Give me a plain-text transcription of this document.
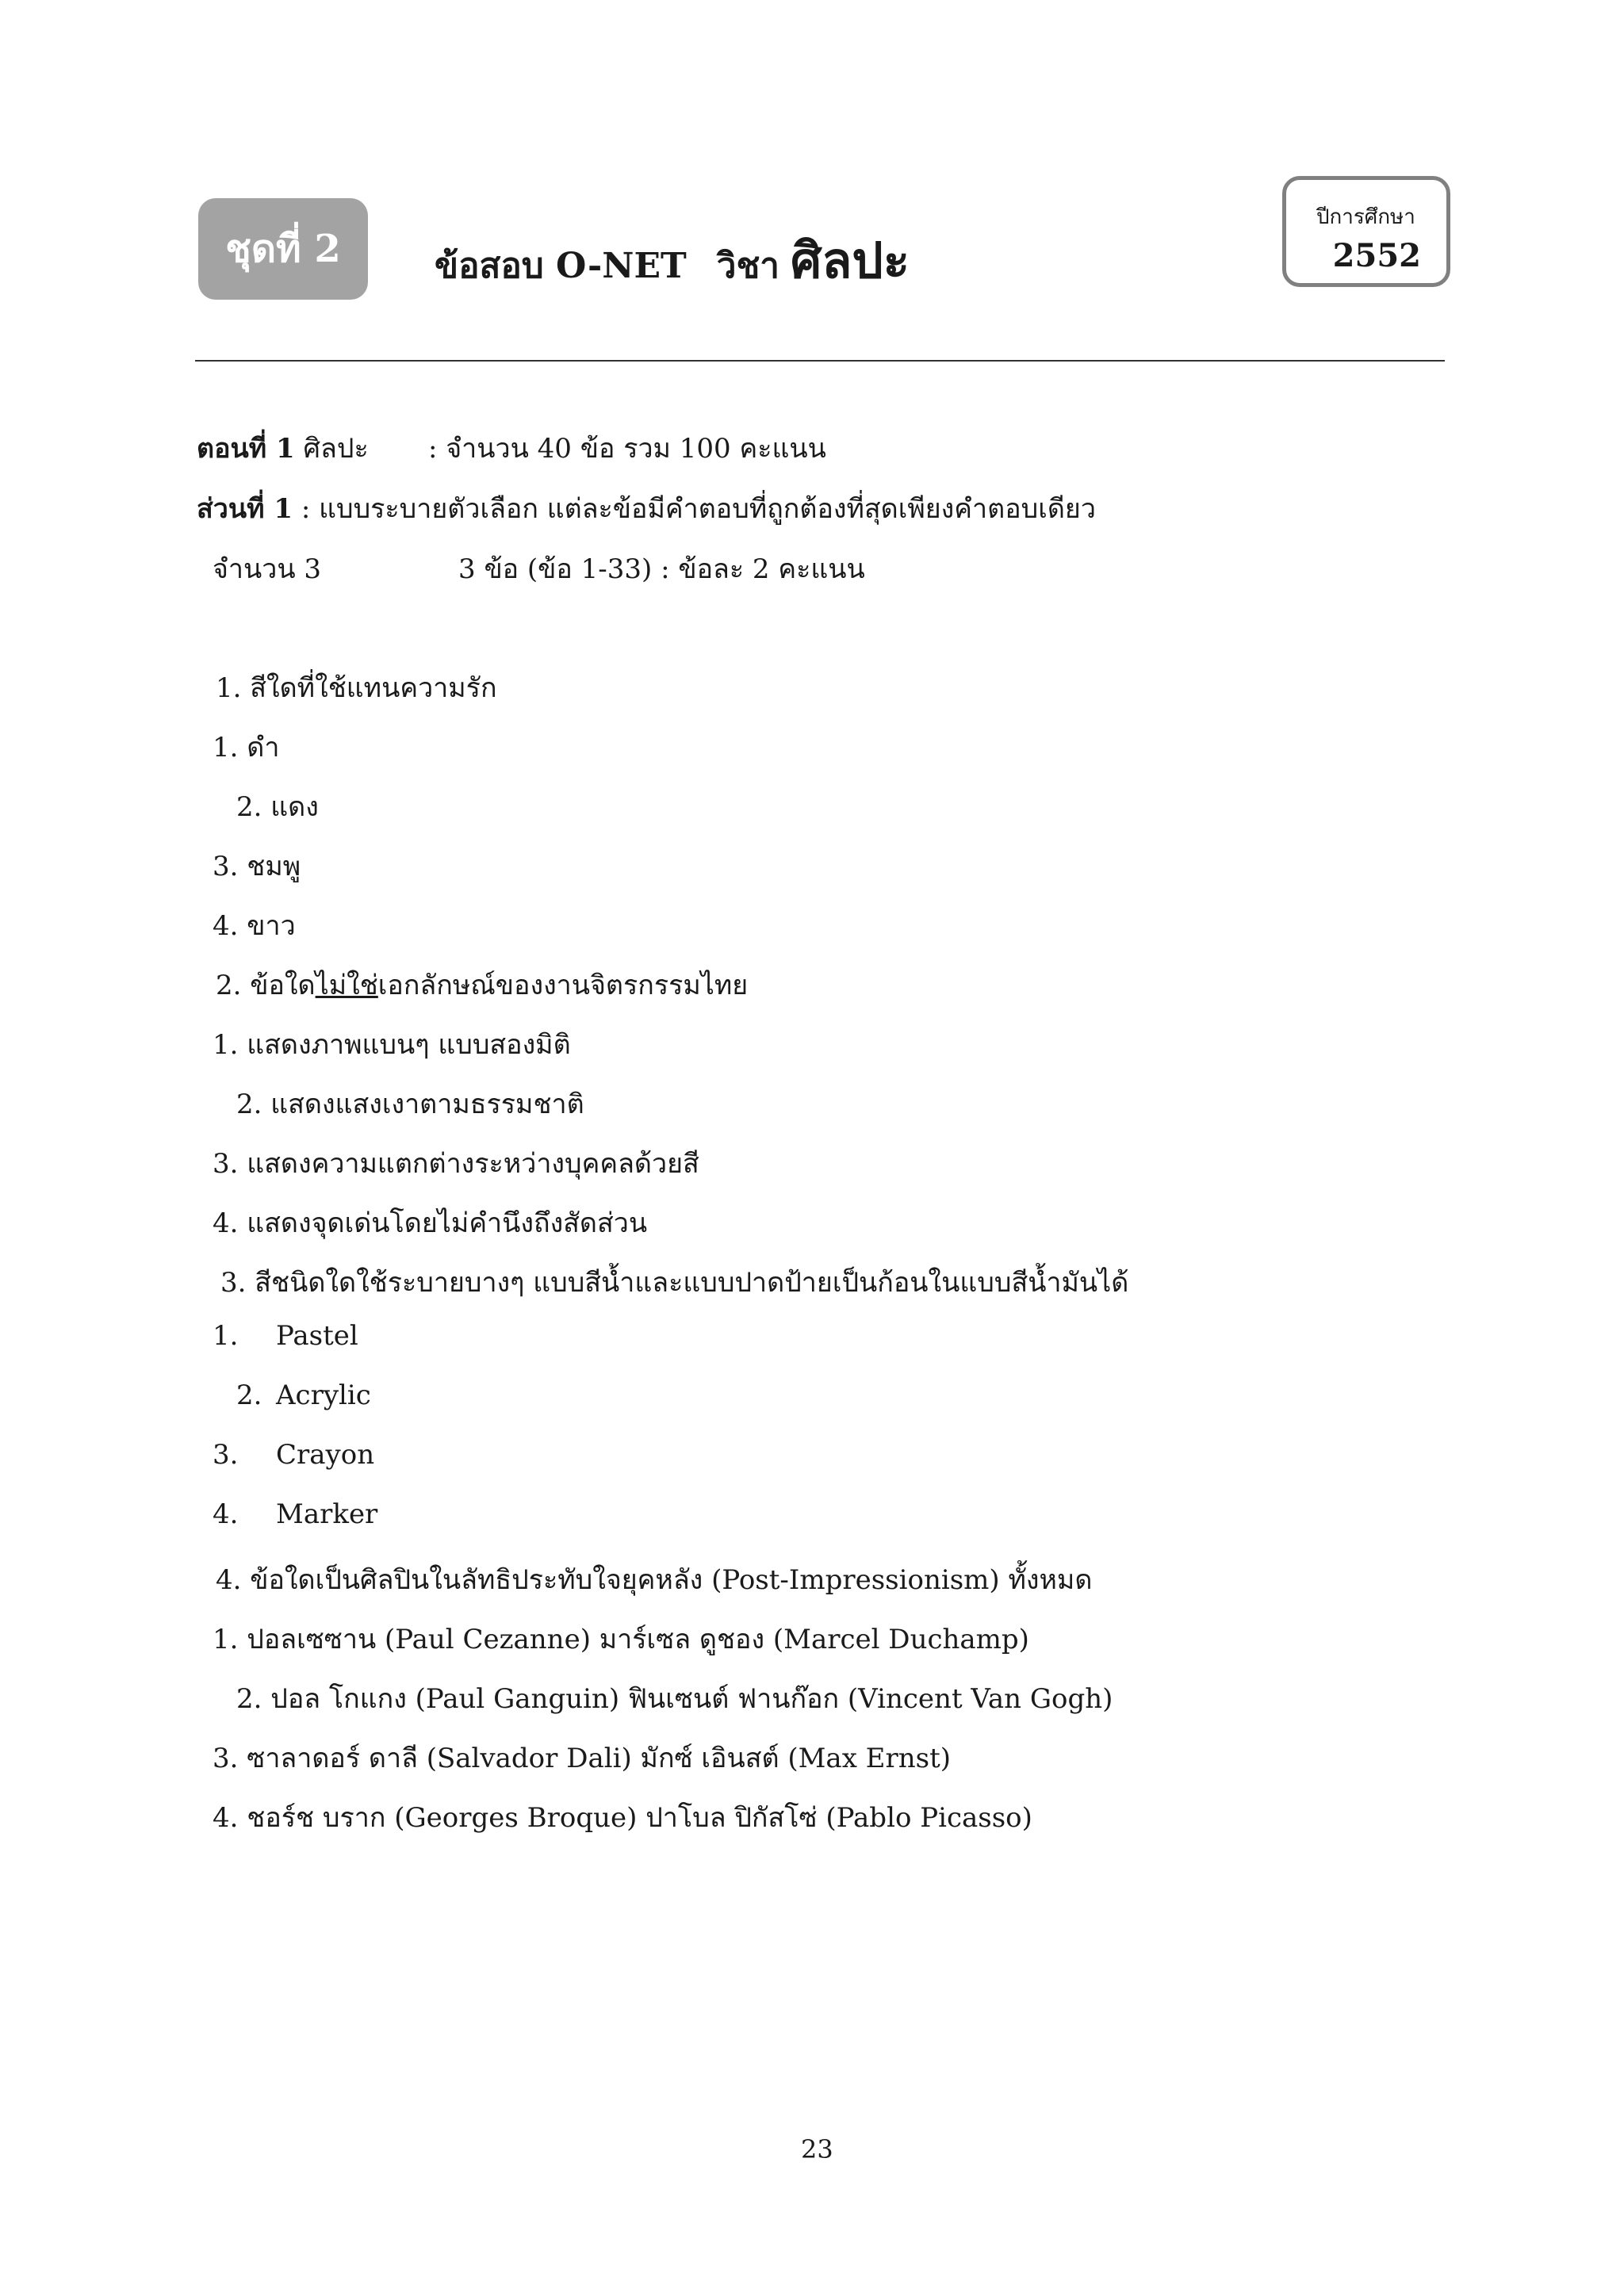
ชุดที่ 2	ข้อสอบ O-NET วิชา ศิลปะ
ปีการศึกษา
2552
ตอนที่ 1 ศิลปะ : จำนวน 40 ข้อ รวม 100 คะแนน
ส่วนที่ 1 : แบบระบายตัวเลือก แต่ละข้อมีคำตอบที่ถูกต้องที่สุดเพียงคำตอบเดียว
จำนวน 3	3 ข้อ (ข้อ 1-33) : ข้อละ 2 คะแนน
1. สีใดที่ใช้แทนความรัก
1. ดำ
2. แดง
3. ชมพู
4. ขาว
2. ข้อใดไม่ใช่เอกลักษณ์ของงานจิตรกรรมไทย
1. แสดงภาพแบนๆ แบบสองมิติ
2. แสดงแสงเงาตามธรรมชาติ
3. แสดงความแตกต่างระหว่างบุคคลด้วยสี
4. แสดงจุดเด่นโดยไม่คำนึงถึงสัดส่วน
3. สีชนิดใดใช้ระบายบางๆ แบบสีน้ำและแบบปาดป้ายเป็นก้อนในแบบสีน้ำมันได้
1. Pastel
2. Acrylic
3. Crayon
4. Marker
4. ข้อใดเป็นศิลปินในลัทธิประทับใจยุคหลัง (Post-Impressionism) ทั้งหมด
1. ปอลเซซาน (Paul Cezanne) มาร์เซล ดูชอง (Marcel Duchamp)
2. ปอล โกแกง (Paul Ganguin) ฟินเซนต์ ฟานก๊อก (Vincent Van Gogh)
3. ซาลาดอร์ ดาลี (Salvador Dali) มักซ์ เอินสต์ (Max Ernst)
4. ชอร์ช บราก (Georges Broque) ปาโบล ปิกัสโซ่ (Pablo Picasso)
23
